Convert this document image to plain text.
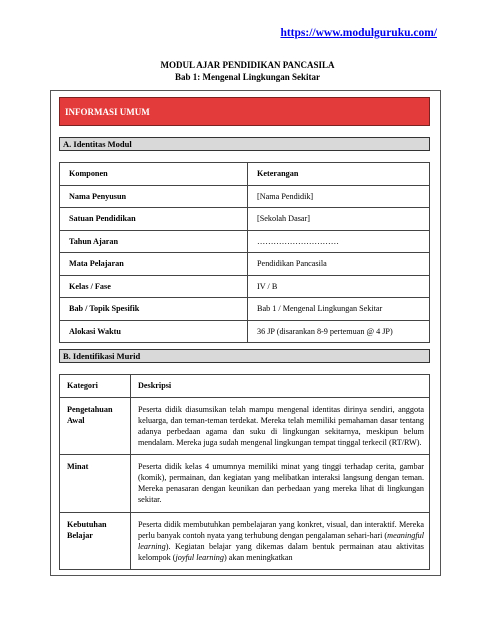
https://www.modulguruku.com/
MODUL AJAR PENDIDIKAN PANCASILA
Bab 1: Mengenal Lingkungan Sekitar
INFORMASI UMUM
A. Identitas Modul
Komponen	Keterangan
Nama Penyusun	[Nama Pendidik]
Satuan Pendidikan	[Sekolah Dasar]
Tahun Ajaran	…………………………
Mata Pelajaran	Pendidikan Pancasila
Kelas / Fase	IV / B
Bab / Topik Spesifik	Bab 1 / Mengenal Lingkungan Sekitar
Alokasi Waktu	36 JP (disarankan 8-9 pertemuan @ 4 JP)
B. Identifikasi Murid
Kategori	Deskripsi
Pengetahuan Awal	Peserta didik diasumsikan telah mampu mengenal identitas dirinya sendiri, anggota keluarga, dan teman-teman terdekat. Mereka telah memiliki pemahaman dasar tentang adanya perbedaan agama dan suku di lingkungan sekitarnya, meskipun belum mendalam. Mereka juga sudah mengenal lingkungan tempat tinggal terkecil (RT/RW).
Minat	Peserta didik kelas 4 umumnya memiliki minat yang tinggi terhadap cerita, gambar (komik), permainan, dan kegiatan yang melibatkan interaksi langsung dengan teman. Mereka penasaran dengan keunikan dan perbedaan yang mereka lihat di lingkungan sekitar.
Kebutuhan Belajar	Peserta didik membutuhkan pembelajaran yang konkret, visual, dan interaktif. Mereka perlu banyak contoh nyata yang terhubung dengan pengalaman sehari-hari (meaningful learning). Kegiatan belajar yang dikemas dalam bentuk permainan atau aktivitas kelompok (joyful learning) akan meningkatkan
